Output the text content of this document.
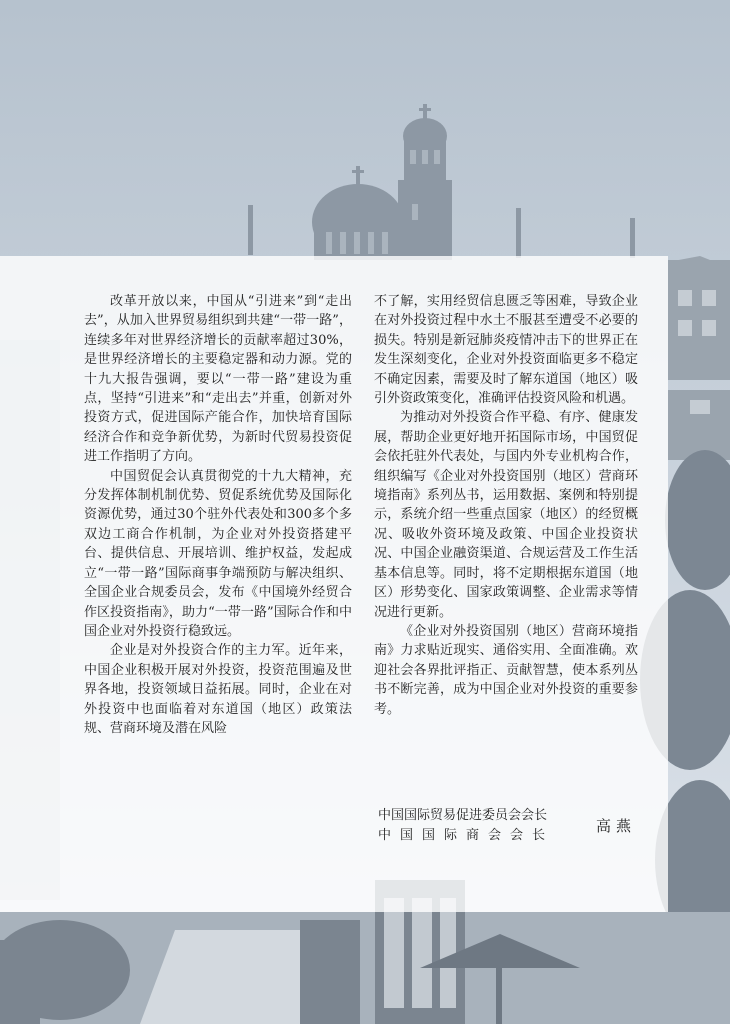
改革开放以来，中国从“引进来”到“走出去”，从加入世界贸易组织到共建“一带一路”，连续多年对世界经济增长的贡献率超过30%，是世界经济增长的主要稳定器和动力源。党的十九大报告强调，要以“一带一路”建设为重点，坚持“引进来”和“走出去”并重，创新对外投资方式，促进国际产能合作，加快培育国际经济合作和竞争新优势，为新时代贸易投资促进工作指明了方向。

中国贸促会认真贯彻党的十九大精神，充分发挥体制机制优势、贸促系统优势及国际化资源优势，通过30个驻外代表处和300多个多双边工商合作机制，为企业对外投资搭建平台、提供信息、开展培训、维护权益，发起成立“一带一路”国际商事争端预防与解决组织、全国企业合规委员会，发布《中国境外经贸合作区投资指南》，助力“一带一路”国际合作和中国企业对外投资行稳致远。

企业是对外投资合作的主力军。近年来，中国企业积极开展对外投资，投资范围遍及世界各地，投资领域日益拓展。同时，企业在对外投资中也面临着对东道国（地区）政策法规、营商环境及潜在风险

不了解，实用经贸信息匮乏等困难，导致企业在对外投资过程中水土不服甚至遭受不必要的损失。特别是新冠肺炎疫情冲击下的世界正在发生深刻变化，企业对外投资面临更多不稳定不确定因素，需要及时了解东道国（地区）吸引外资政策变化，准确评估投资风险和机遇。

为推动对外投资合作平稳、有序、健康发展，帮助企业更好地开拓国际市场，中国贸促会依托驻外代表处，与国内外专业机构合作，组织编写《企业对外投资国别（地区）营商环境指南》系列丛书，运用数据、案例和特别提示，系统介绍一些重点国家（地区）的经贸概况、吸收外资环境及政策、中国企业投资状况、中国企业融资渠道、合规运营及工作生活基本信息等。同时，将不定期根据东道国（地区）形势变化、国家政策调整、企业需求等情况进行更新。

《企业对外投资国别（地区）营商环境指南》力求贴近现实、通俗实用、全面准确。欢迎社会各界批评指正、贡献智慧，使本系列丛书不断完善，成为中国企业对外投资的重要参考。

中国国际贸易促进委员会会长
中国国际商会会长
高燕
